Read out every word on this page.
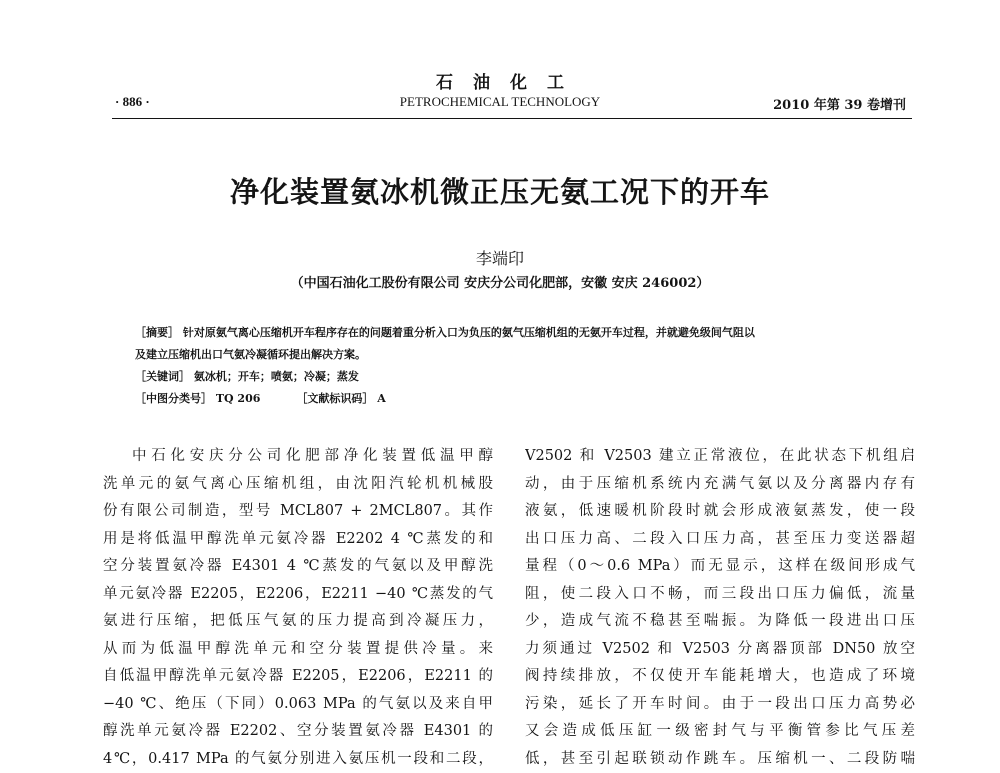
石油化工
· 886 ·	PETROCHEMICAL TECHNOLOGY	2010 年第 39 卷增刊
净化装置氨冰机微正压无氨工况下的开车
李端印
（中国石油化工股份有限公司 安庆分公司化肥部，安徽 安庆 246002）
［摘要］ 针对原氨气离心压缩机开车程序存在的问题着重分析入口为负压的氨气压缩机组的无氨开车过程，并就避免级间气阻以
及建立压缩机出口气氨冷凝循环提出解决方案。
［关键词］ 氨冰机；开车；喷氨；冷凝；蒸发
［中图分类号］ TQ 206	［文献标识码］ A
中石化安庆分公司化肥部净化装置低温甲醇
洗单元的氨气离心压缩机组，由沈阳汽轮机机械股
份有限公司制造，型号 MCL807 + 2MCL807。其作
用是将低温甲醇洗单元氨冷器 E2202 4 ℃蒸发的和
空分装置氨冷器 E4301 4 ℃蒸发的气氨以及甲醇洗
单元氨冷器 E2205，E2206，E2211 −40 ℃蒸发的气
氨进行压缩，把低压气氨的压力提高到冷凝压力，
从而为低温甲醇洗单元和空分装置提供冷量。来
自低温甲醇洗单元氨冷器 E2205，E2206，E2211 的
−40 ℃、绝压（下同）0.063 MPa 的气氨以及来自甲
醇洗单元氨冷器 E2202、空分装置氨冷器 E4301 的
4℃，0.417 MPa 的气氨分别进入氨压机一段和二段，
V2502 和 V2503 建立正常液位，在此状态下机组启
动，由于压缩机系统内充满气氨以及分离器内存有
液氨，低速暖机阶段时就会形成液氨蒸发，使一段
出口压力高、二段入口压力高，甚至压力变送器超
量程（0～0.6 MPa）而无显示，这样在级间形成气
阻，使二段入口不畅，而三段出口压力偏低，流量
少，造成气流不稳甚至喘振。为降低一段进出口压
力须通过 V2502 和 V2503 分离器顶部 DN50 放空
阀持续排放，不仅使开车能耗增大，也造成了环境
污染，延长了开车时间。由于一段出口压力高势必
又会造成低压缸一级密封气与平衡管参比气压差
低，甚至引起联锁动作跳车。压缩机一、二段防喘
